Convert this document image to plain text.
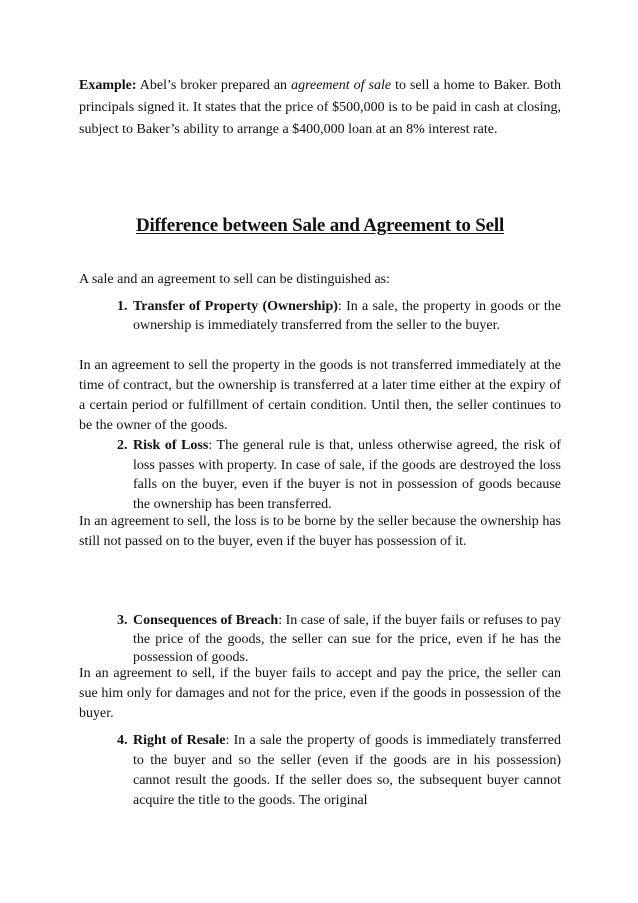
Example: Abel’s broker prepared an agreement of sale to sell a home to Baker. Both principals signed it. It states that the price of $500,000 is to be paid in cash at closing, subject to Baker’s ability to arrange a $400,000 loan at an 8% interest rate.

Difference between Sale and Agreement to Sell

A sale and an agreement to sell can be distinguished as:

1. Transfer of Property (Ownership): In a sale, the property in goods or the ownership is immediately transferred from the seller to the buyer.

In an agreement to sell the property in the goods is not transferred immediately at the time of contract, but the ownership is transferred at a later time either at the expiry of a certain period or fulfillment of certain condition. Until then, the seller continues to be the owner of the goods.

2. Risk of Loss: The general rule is that, unless otherwise agreed, the risk of loss passes with property. In case of sale, if the goods are destroyed the loss falls on the buyer, even if the buyer is not in possession of goods because the ownership has been transferred.

In an agreement to sell, the loss is to be borne by the seller because the ownership has still not passed on to the buyer, even if the buyer has possession of it.

3. Consequences of Breach: In case of sale, if the buyer fails or refuses to pay the price of the goods, the seller can sue for the price, even if he has the possession of goods.

In an agreement to sell, if the buyer fails to accept and pay the price, the seller can sue him only for damages and not for the price, even if the goods in possession of the buyer.

4. Right of Resale: In a sale the property of goods is immediately transferred to the buyer and so the seller (even if the goods are in his possession) cannot result the goods. If the seller does so, the subsequent buyer cannot acquire the title to the goods. The original
